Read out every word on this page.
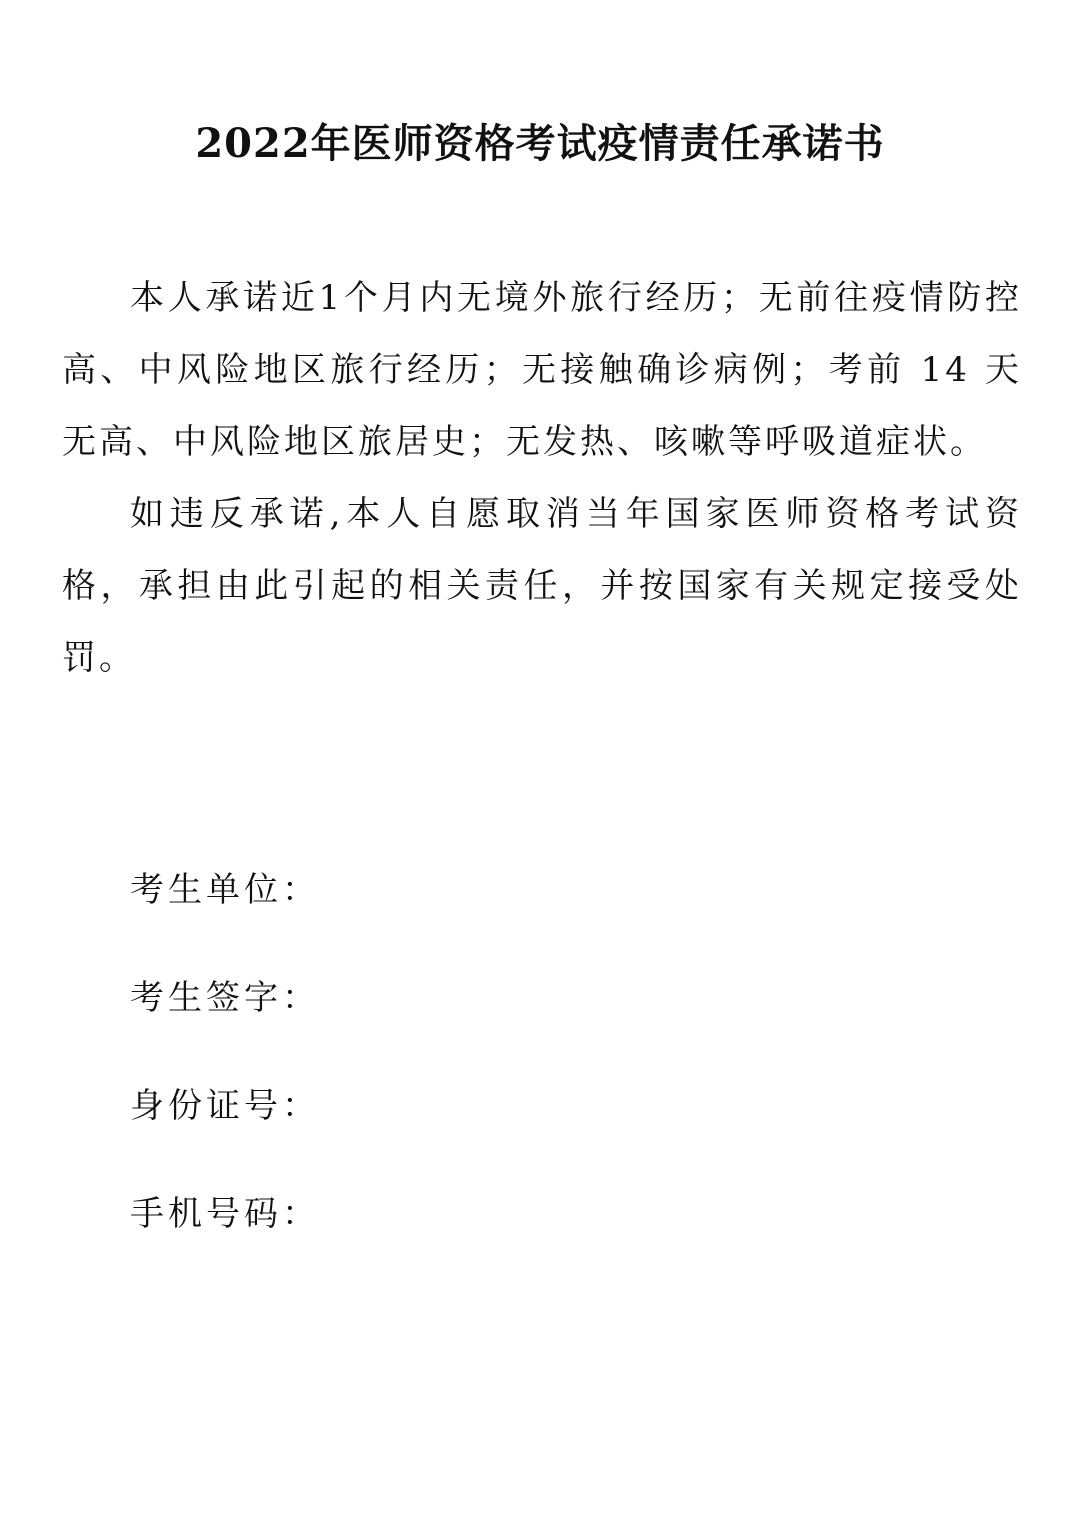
2022年医师资格考试疫情责任承诺书

本人承诺近1个月内无境外旅行经历；无前往疫情防控高、中风险地区旅行经历；无接触确诊病例；考前 14 天无高、中风险地区旅居史；无发热、咳嗽等呼吸道症状。

如违反承诺,本人自愿取消当年国家医师资格考试资格，承担由此引起的相关责任，并按国家有关规定接受处罚。

考生单位：
考生签字：
身份证号：
手机号码：
